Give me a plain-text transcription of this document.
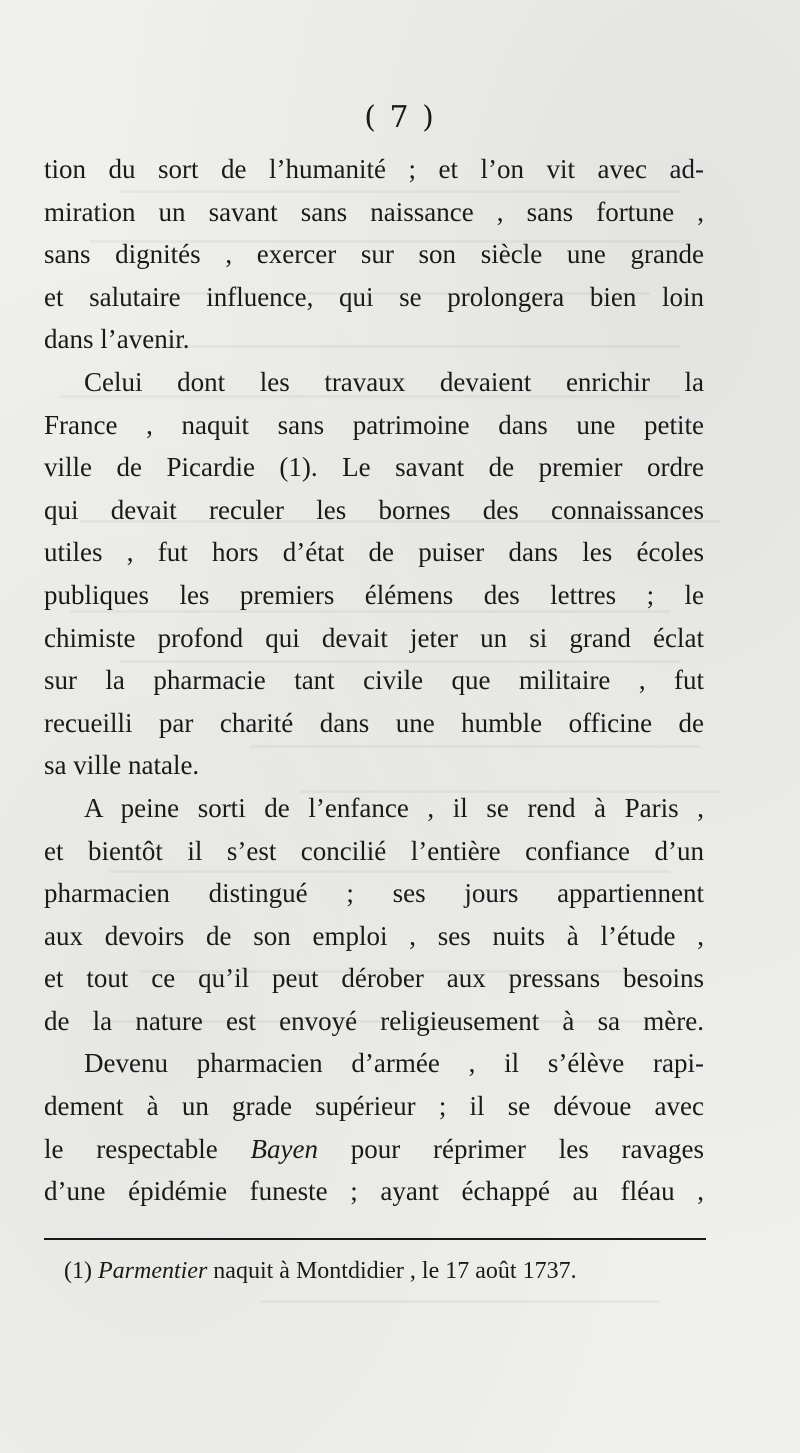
( 7 )
tion du sort de l’humanité ; et l’on vit avec ad-
miration un savant sans naissance , sans fortune ,
sans dignités , exercer sur son siècle une grande
et salutaire influence, qui se prolongera bien loin
dans l’avenir.
Celui dont les travaux devaient enrichir la
France , naquit sans patrimoine dans une petite
ville de Picardie (1). Le savant de premier ordre
qui devait reculer les bornes des connaissances
utiles , fut hors d’état de puiser dans les écoles
publiques les premiers élémens des lettres ; le
chimiste profond qui devait jeter un si grand éclat
sur la pharmacie tant civile que militaire , fut
recueilli par charité dans une humble officine de
sa ville natale.
A peine sorti de l’enfance , il se rend à Paris ,
et bientôt il s’est concilié l’entière confiance d’un
pharmacien distingué ; ses jours appartiennent
aux devoirs de son emploi , ses nuits à l’étude ,
et tout ce qu’il peut dérober aux pressans besoins
de la nature est envoyé religieusement à sa mère.
Devenu pharmacien d’armée , il s’élève rapi-
dement à un grade supérieur ; il se dévoue avec
le respectable Bayen pour réprimer les ravages
d’une épidémie funeste ; ayant échappé au fléau ,
(1) Parmentier naquit à Montdidier , le 17 août 1737.
